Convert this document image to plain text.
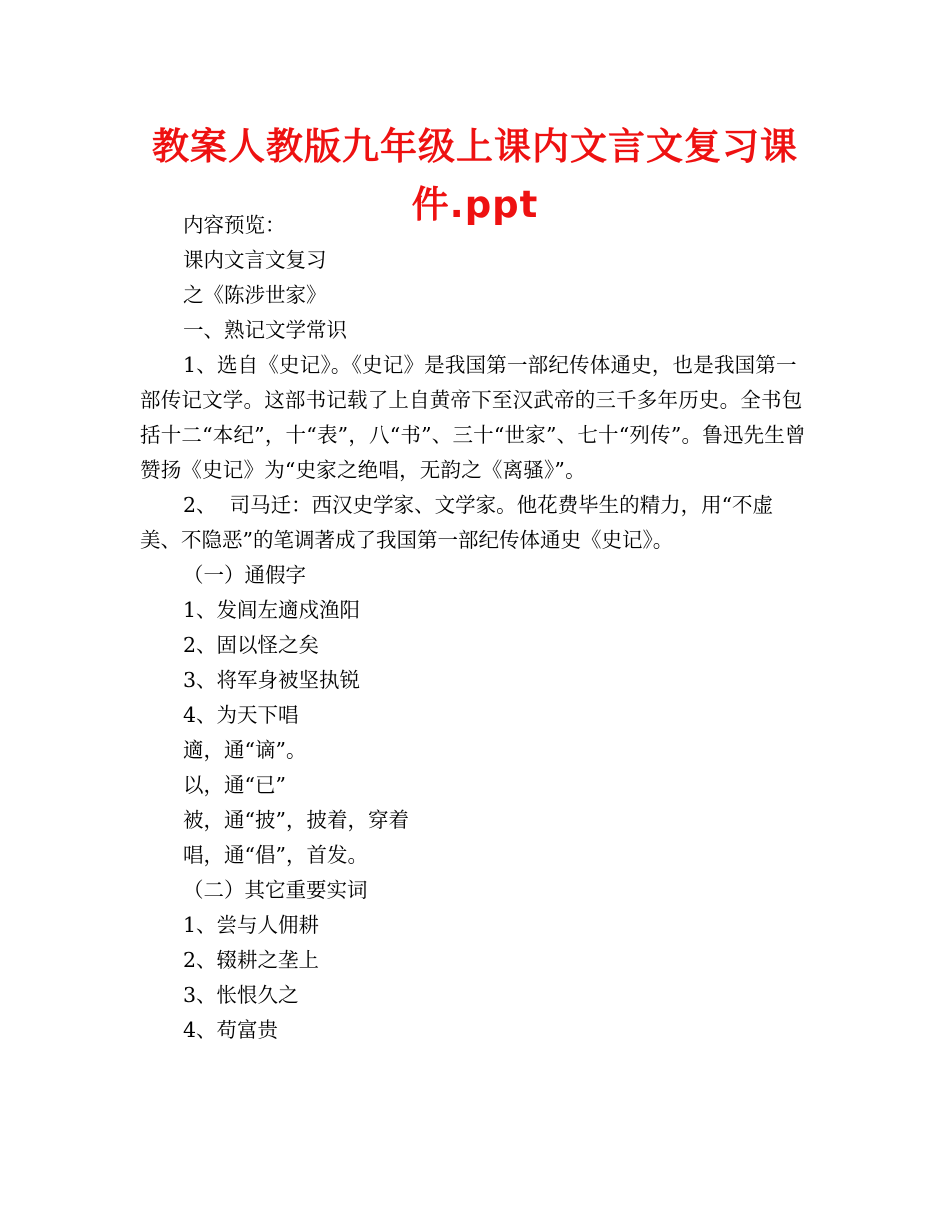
教案人教版九年级上课内文言文复习课件.ppt

内容预览：

课内文言文复习

之《陈涉世家》

一、熟记文学常识

1、选自《史记》。《史记》是我国第一部纪传体通史，也是我国第一部传记文学。这部书记载了上自黄帝下至汉武帝的三千多年历史。全书包括十二“本纪”，十“表”，八“书”、三十“世家”、七十“列传”。鲁迅先生曾赞扬《史记》为“史家之绝唱，无韵之《离骚》”。

2、  司马迁：西汉史学家、文学家。他花费毕生的精力，用“不虚美、不隐恶”的笔调著成了我国第一部纪传体通史《史记》。

（一）通假字

1、发闾左適戍渔阳

2、固以怪之矣

3、将军身被坚执锐

4、为天下唱

適，通“谪”。

以，通“已”

被，通“披”，披着，穿着

唱，通“倡”，首发。

（二）其它重要实词

1、尝与人佣耕

2、辍耕之垄上

3、怅恨久之

4、苟富贵
